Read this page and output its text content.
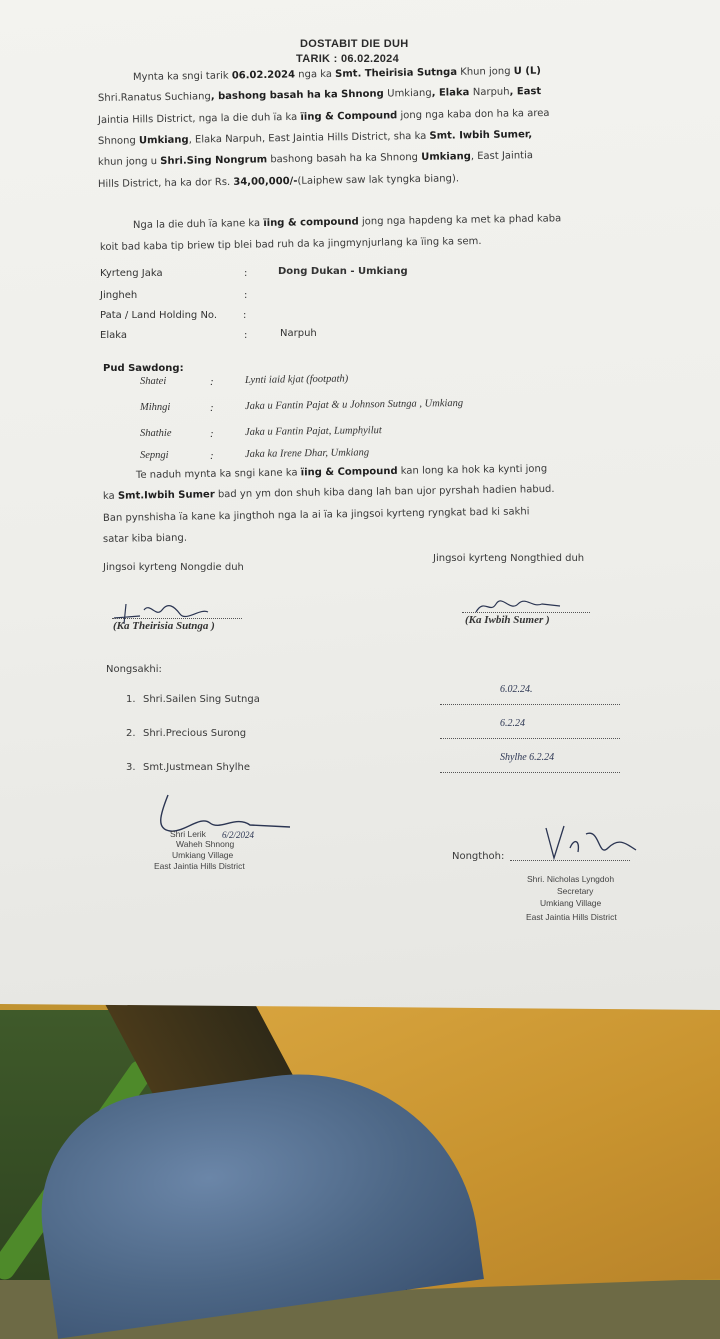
DOSTABIT DIE DUH
TARIK : 06.02.2024
Mynta ka sngi tarik 06.02.2024 nga ka Smt. Theirisia Sutnga Khun jong U (L)
Shri.Ranatus Suchiang, bashong basah ha ka Shnong Umkiang, Elaka Narpuh, East
Jaintia Hills District, nga la die duh ïa ka ïing & Compound jong nga kaba don ha ka area
Shnong Umkiang, Elaka Narpuh, East Jaintia Hills District, sha ka Smt. Iwbih Sumer,
khun jong u Shri.Sing Nongrum bashong basah ha ka Shnong Umkiang, East Jaintia
Hills District, ha ka dor Rs. 34,00,000/-(Laiphew saw lak tyngka biang).
Nga la die duh ïa kane ka ïing & compound jong nga hapdeng ka met ka phad kaba
koit bad kaba tip briew tip blei bad ruh da ka jingmynjurlang ka ïing ka sem.
Kyrteng Jaka	:	Dong Dukan - Umkiang
Jingheh	:
Pata / Land Holding No.	:
Elaka	:	Narpuh
Pud Sawdong:
Shatei	:	Lynti iaid kjat (footpath)
Mihngi	:	Jaka u Fantin Pajat & u Johnson Sutnga , Umkiang
Shathie	:	Jaka u Fantin Pajat, Lumphyilut
Sepngi	:	Jaka ka Irene Dhar, Umkiang
Te naduh mynta ka sngi kane ka ïing & Compound kan long ka hok ka kynti jong
ka Smt.Iwbih Sumer bad yn ym don shuh kiba dang lah ban ujor pyrshah hadien habud.
Ban pynshisha ïa kane ka jingthoh nga la ai ïa ka jingsoi kyrteng ryngkat bad ki sakhi
satar kiba biang.
Jingsoi kyrteng Nongdie duh
Jingsoi kyrteng Nongthied duh
(Ka Theirisia Sutnga )	(Ka Iwbih Sumer )
Nongsakhi:
1. Shri.Sailen Sing Sutnga
6.02.24.
2. Shri.Precious Surong
6.2.24
3. Smt.Justmean Shylhe
Shylhe 6.2.24
Shri Lerik
Waheh Shnong
Umkiang Village
East Jaintia Hills District
6/2/2024
Nongthoh:
Shri. Nicholas Lyngdoh
Secretary
Umkiang Village
East Jaintia Hills District
